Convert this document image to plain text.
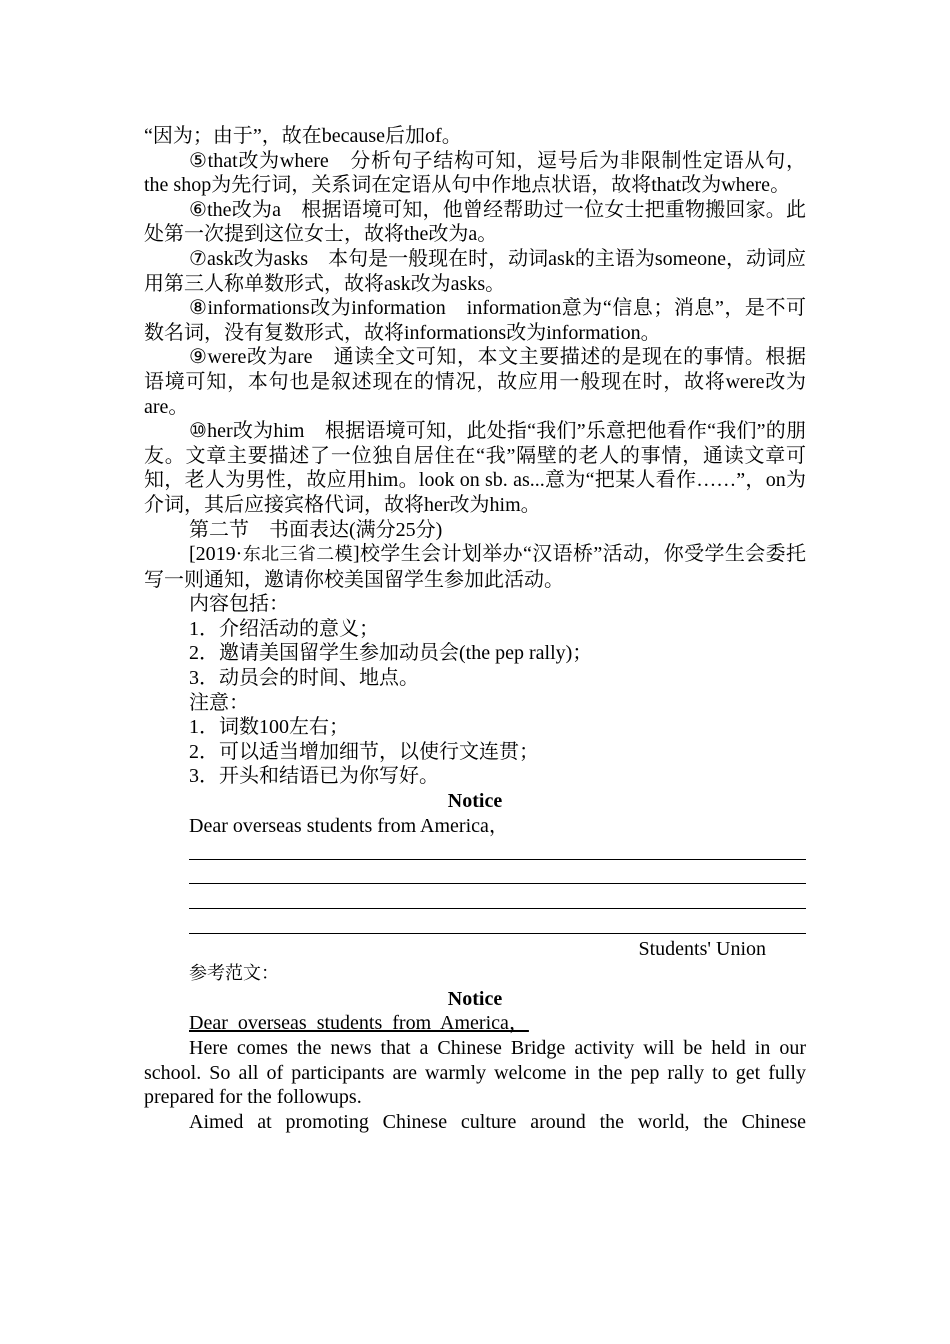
“因为；由于”，故在because后加of。

⑤that改为where　分析句子结构可知，逗号后为非限制性定语从句，the shop为先行词，关系词在定语从句中作地点状语，故将that改为where。

⑥the改为a　根据语境可知，他曾经帮助过一位女士把重物搬回家。此处第一次提到这位女士，故将the改为a。

⑦ask改为asks　本句是一般现在时，动词ask的主语为someone，动词应用第三人称单数形式，故将ask改为asks。

⑧informations改为information　information意为“信息；消息”，是不可数名词，没有复数形式，故将informations改为information。

⑨were改为are　通读全文可知，本文主要描述的是现在的事情。根据语境可知，本句也是叙述现在的情况，故应用一般现在时，故将were改为are。

⑩her改为him　根据语境可知，此处指“我们”乐意把他看作“我们”的朋友。文章主要描述了一位独自居住在“我”隔壁的老人的事情，通读文章可知，老人为男性，故应用him。look on sb. as...意为“把某人看作……”，on为介词，其后应接宾格代词，故将her改为him。

第二节　书面表达(满分25分)

[2019·东北三省二模]校学生会计划举办“汉语桥”活动，你受学生会委托写一则通知，邀请你校美国留学生参加此活动。

内容包括：

1．介绍活动的意义；

2．邀请美国留学生参加动员会(the pep rally)；

3．动员会的时间、地点。

注意：

1．词数100左右；

2．可以适当增加细节，以使行文连贯；

3．开头和结语已为你写好。

Notice

Dear overseas students from America，

Students' Union

参考范文：

Notice

Dear  overseas  students  from  America，

Here comes the news that a Chinese Bridge activity will be held in our school. So all of participants are warmly welcome in the pep rally to get fully prepared for the followups.

Aimed at promoting Chinese culture around the world, the Chinese
